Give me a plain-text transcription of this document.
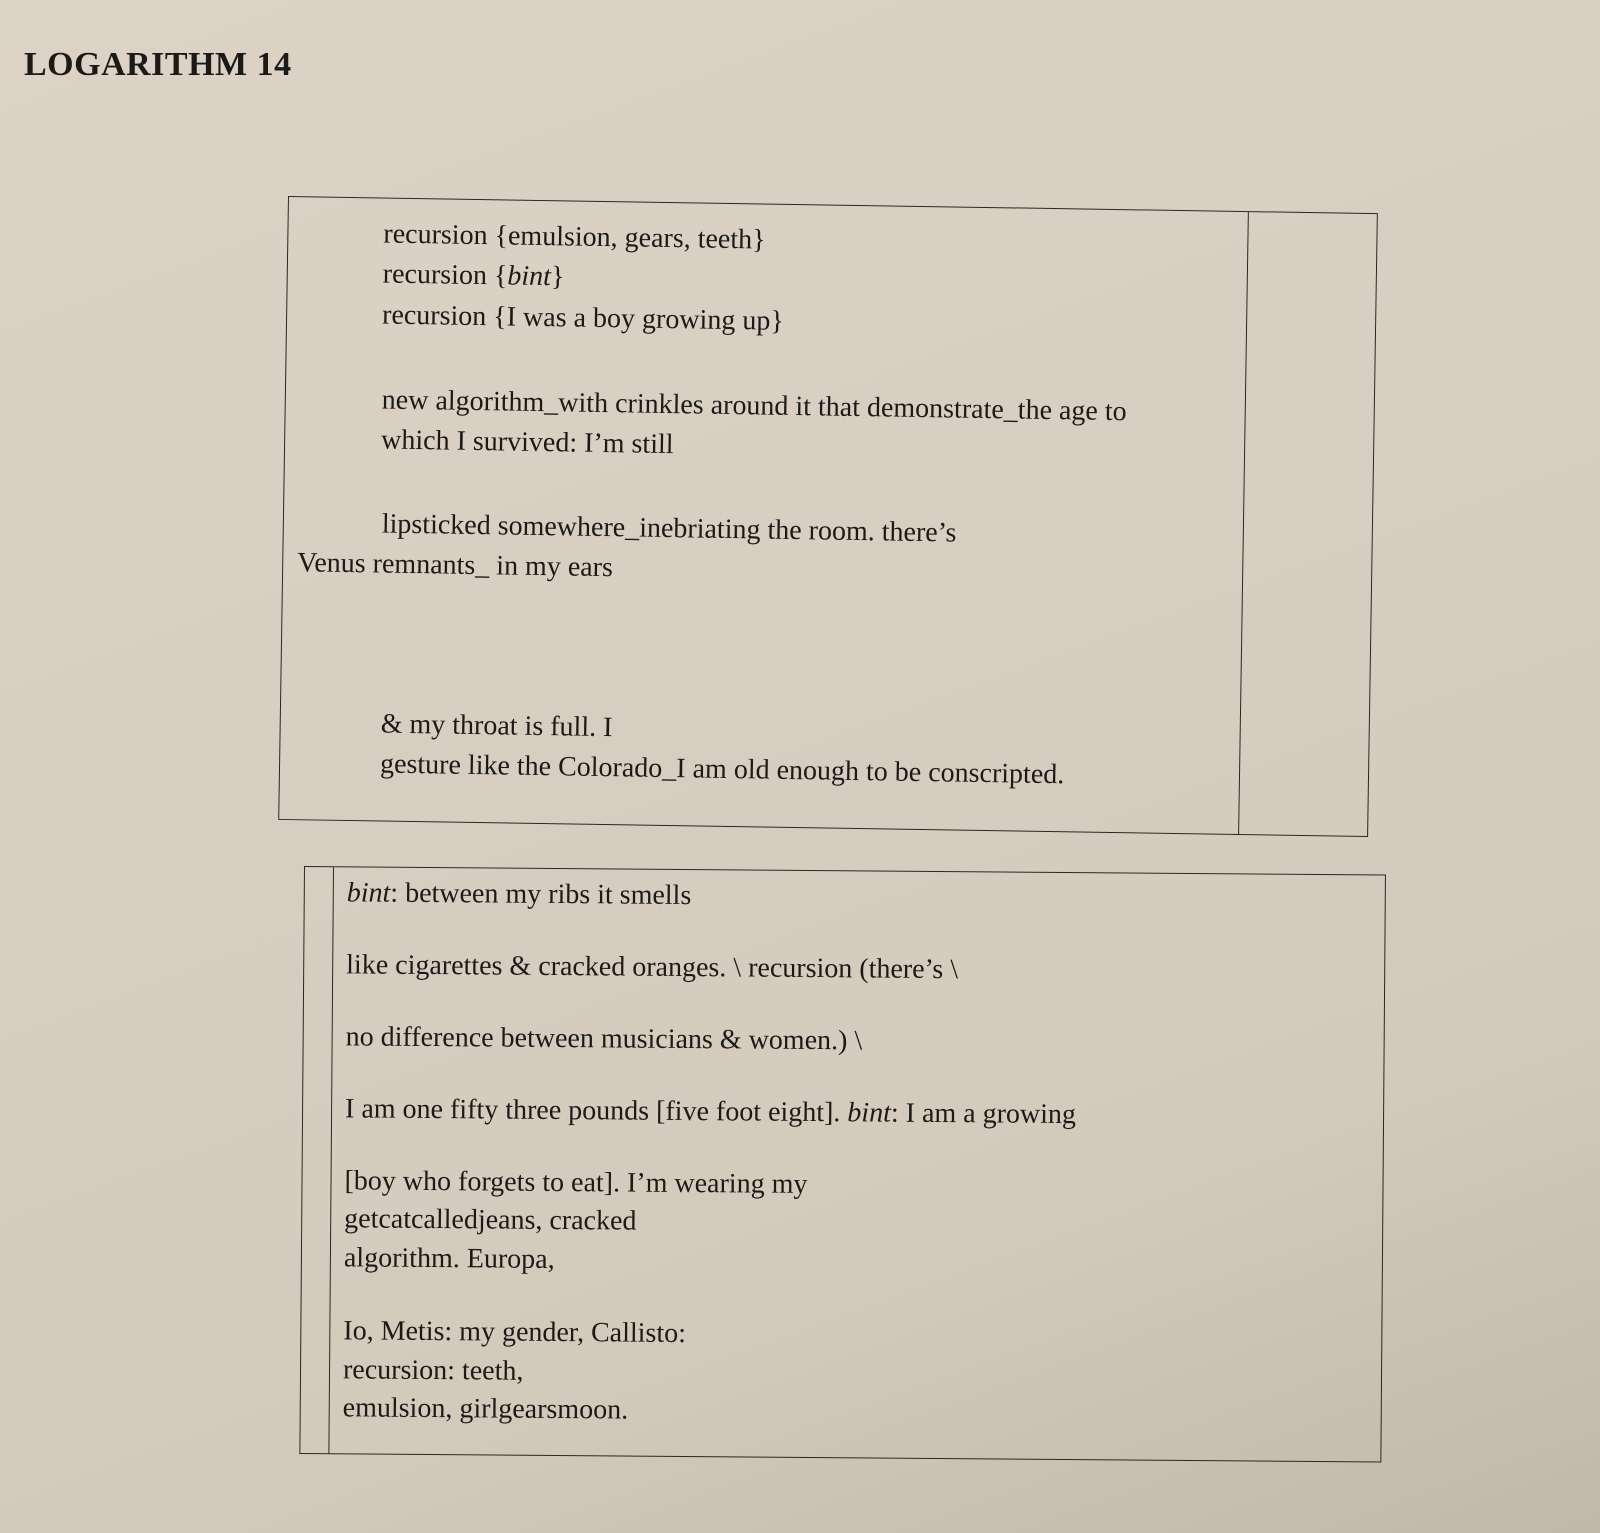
LOGARITHM 14
recursion {emulsion, gears, teeth}
recursion {bint}
recursion {I was a boy growing up}
new algorithm_with crinkles around it that demonstrate_the age to
which I survived: I’m still
lipsticked somewhere_inebriating the room. there’s
Venus remnants_ in my ears
& my throat is full. I
gesture like the Colorado_I am old enough to be conscripted.
bint: between my ribs it smells
like cigarettes & cracked oranges. \ recursion (there’s \
no difference between musicians & women.) \
I am one fifty three pounds [five foot eight]. bint: I am a growing
[boy who forgets to eat]. I’m wearing my
getcatcalledjeans, cracked
algorithm. Europa,
Io, Metis: my gender, Callisto:
recursion: teeth,
emulsion, girlgearsmoon.
